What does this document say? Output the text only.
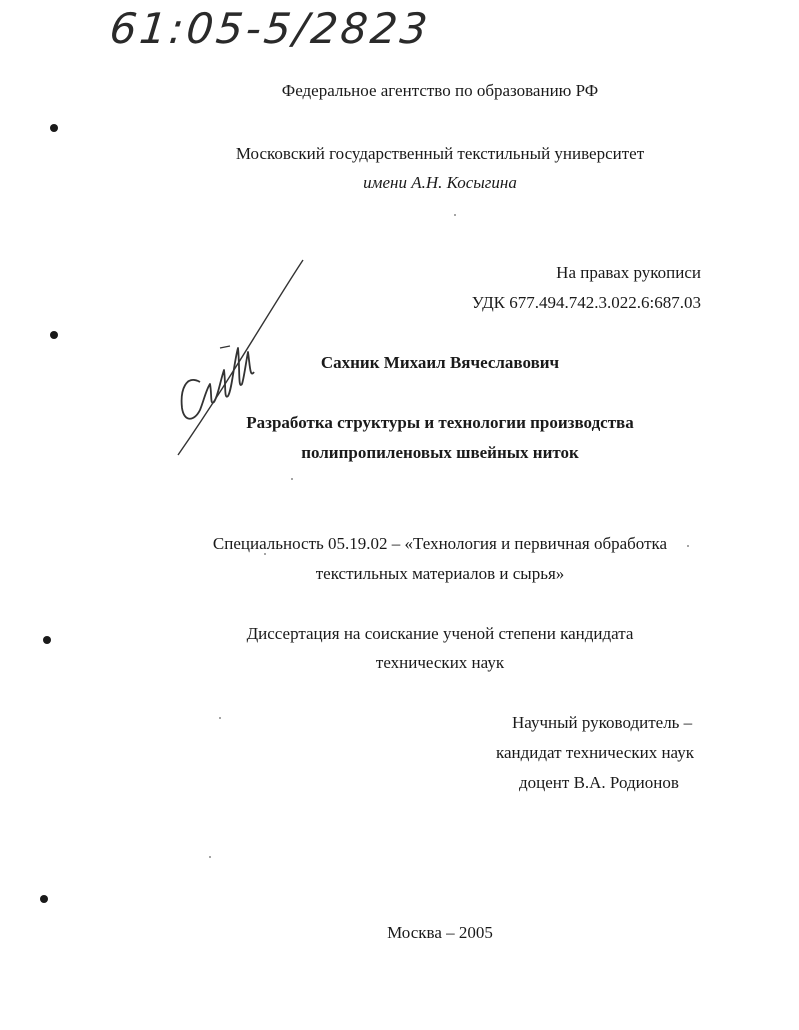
61:05-5/2823
Федеральное агентство по образованию РФ
Московский государственный текстильный университет
имени А.Н. Косыгина
На правах рукописи
УДК 677.494.742.3.022.6:687.03
Сахник Михаил Вячеславович
Разработка структуры и технологии производства
полипропиленовых швейных ниток
Специальность 05.19.02 – «Технология и первичная обработка
текстильных материалов и сырья»
Диссертация на соискание ученой степени кандидата
технических наук
Научный руководитель –
кандидат технических наук
доцент В.А. Родионов
Москва – 2005
